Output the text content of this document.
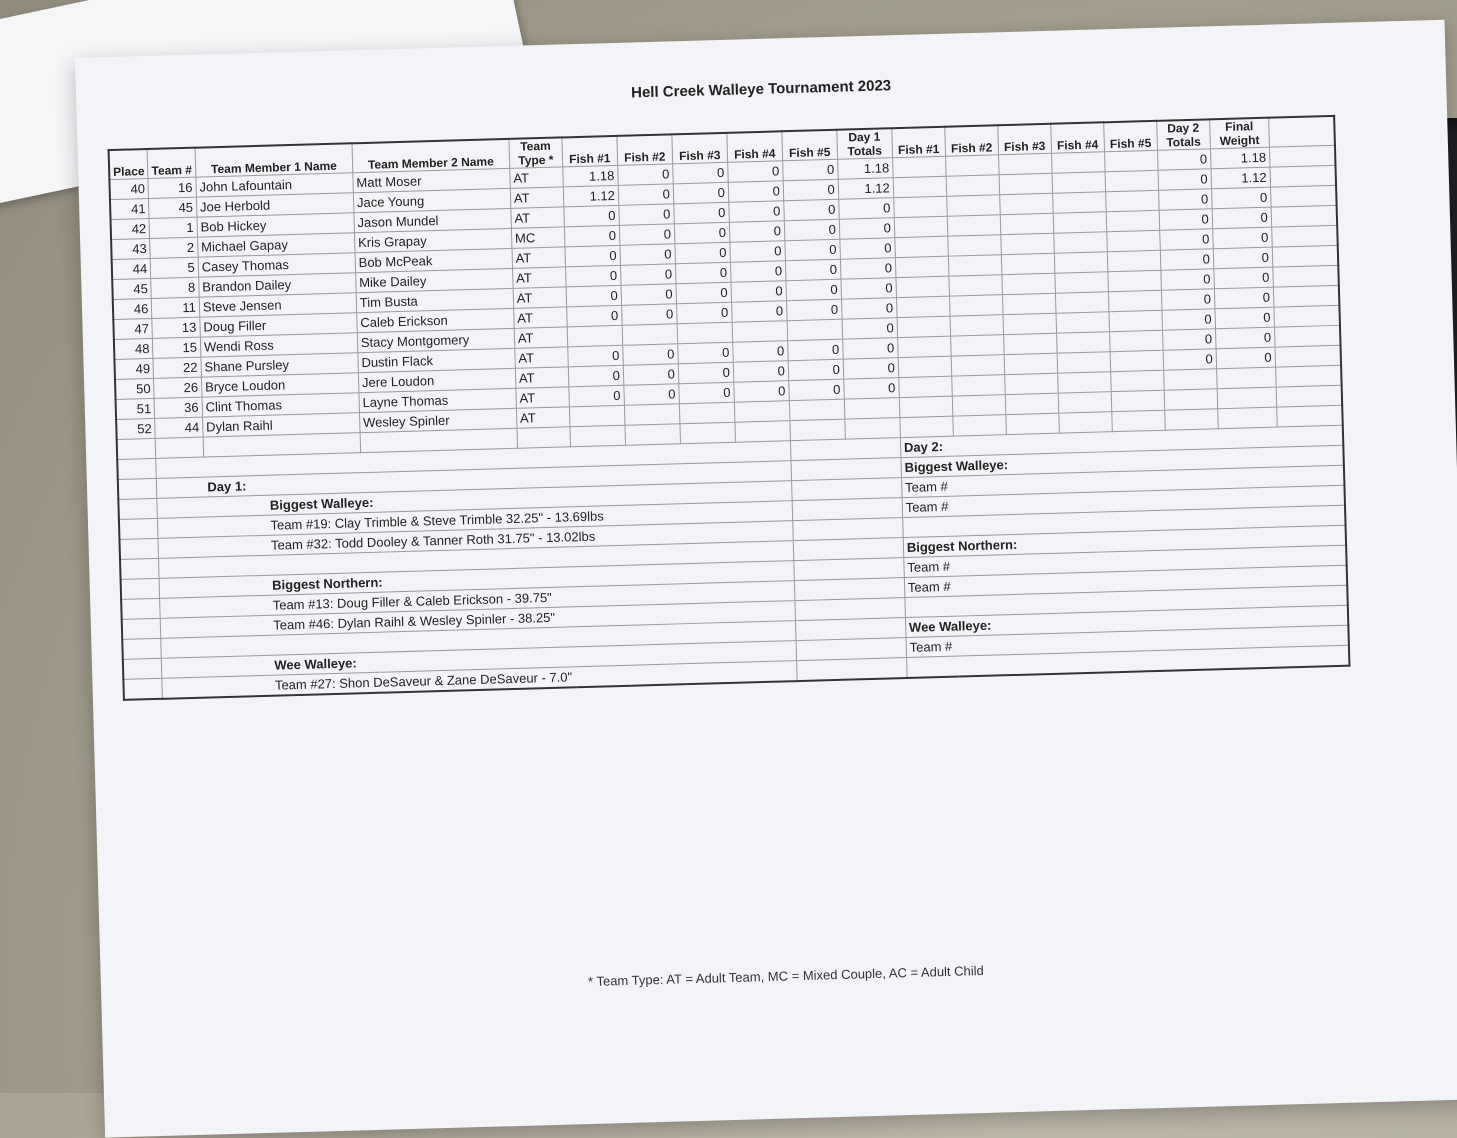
Hell Creek Walleye Tournament 2023
Place	Team #	Team Member 1 Name	Team Member 2 Name	Team Type *	Fish #1	Fish #2	Fish #3	Fish #4	Fish #5	Day 1 Totals	Fish #1	Fish #2	Fish #3	Fish #4	Fish #5	Day 2 Totals	Final Weight	
40	16	John Lafountain	Matt Moser	AT	1.18	0	0	0	0	1.18						0	1.18	
41	45	Joe Herbold	Jace Young	AT	1.12	0	0	0	0	1.12						0	1.12	
42	1	Bob Hickey	Jason Mundel	AT	0	0	0	0	0	0						0	0	
43	2	Michael Gapay	Kris Grapay	MC	0	0	0	0	0	0						0	0	
44	5	Casey Thomas	Bob McPeak	AT	0	0	0	0	0	0						0	0	
45	8	Brandon Dailey	Mike Dailey	AT	0	0	0	0	0	0						0	0	
46	11	Steve Jensen	Tim Busta	AT	0	0	0	0	0	0						0	0	
47	13	Doug Filler	Caleb Erickson	AT	0	0	0	0	0	0						0	0	
48	15	Wendi Ross	Stacy Montgomery	AT						0						0	0	
49	22	Shane Pursley	Dustin Flack	AT	0	0	0	0	0	0						0	0	
50	26	Bryce Loudon	Jere Loudon	AT	0	0	0	0	0	0						0	0	
51	36	Clint Thomas	Layne Thomas	AT	0	0	0	0	0	0								
52	44	Dylan Raihl	Wesley Spinler	AT														

											Day 2:							
	Day 1:										Biggest Walleye:							
	Biggest Walleye:										Team #							
	Team #19: Clay Trimble & Steve Trimble 32.25" - 13.69lbs										Team #							
	Team #32: Todd Dooley & Tanner Roth 31.75" - 13.02lbs																	
											Biggest Northern:							
	Biggest Northern:										Team #							
	Team #13: Doug Filler & Caleb Erickson - 39.75"										Team #							
	Team #46: Dylan Raihl & Wesley Spinler - 38.25"																	
											Wee Walleye:							
	Wee Walleye:										Team #							
	Team #27: Shon DeSaveur & Zane DeSaveur - 7.0"																	
* Team Type: AT = Adult Team, MC = Mixed Couple, AC = Adult Child
